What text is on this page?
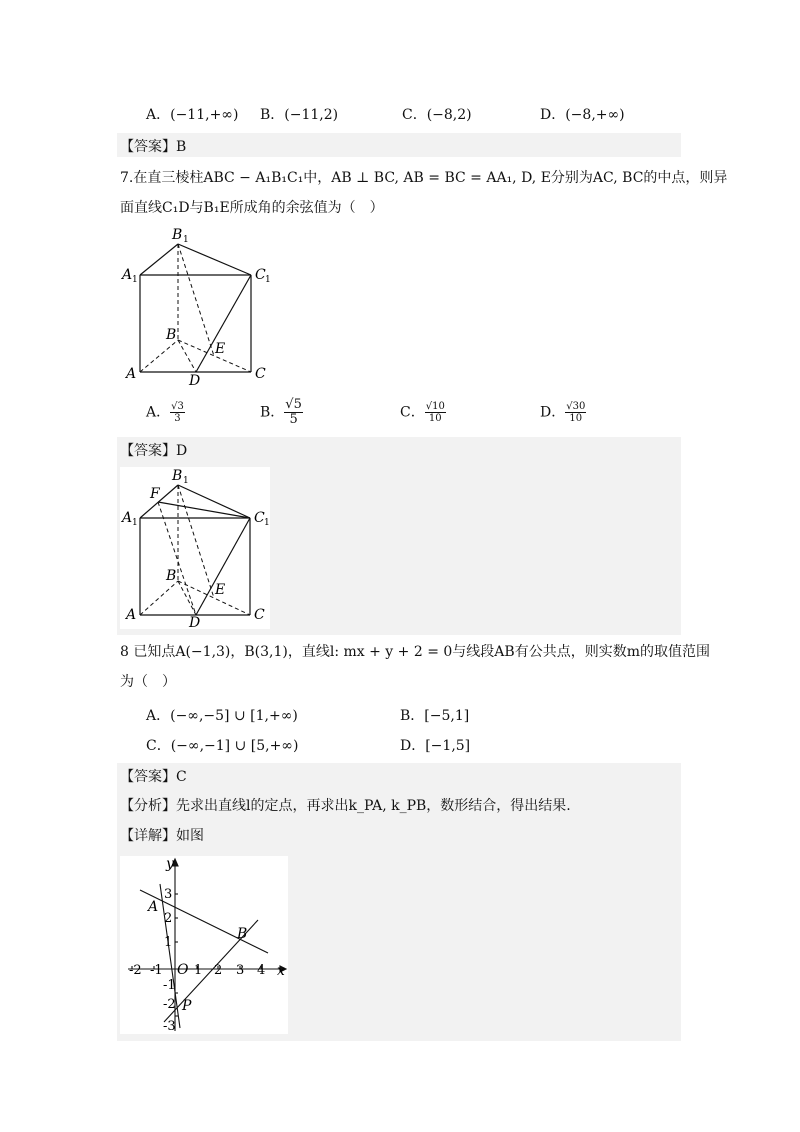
A．(−11,+∞) B．(−11,2)	C．(−8,2)	D．(−8,+∞)
【答案】B
7.在直三棱柱ABC − A₁B₁C₁中，AB ⊥ BC, AB = BC = AA₁, D, E分别为AC, BC的中点，则异
面直线C₁D与B₁E所成角的余弦值为（　）
B 1
A 1	C 1
B
E
A	D	C
A． $\frac{√3}{3}$	B． $\frac{√5}{5}$	C． $\frac{√10}{10}$	D． $\frac{√30}{10}$
【答案】D
F
B 1
A 1	C 1
B
E
A	D	C
8 已知点A(−1,3)，B(3,1)，直线l: mx + y + 2 = 0与线段AB有公共点，则实数m的取值范围
为（　）
A．(−∞,−5] ∪ [1,+∞)	B．[−5,1]
C．(−∞,−1] ∪ [5,+∞)	D．[−1,5]
【答案】C
【分析】先求出直线l的定点，再求出k_PA, k_PB，数形结合，得出结果.
【详解】如图
-2 -1 1 2 3 4
3
2
1
-1
-2
-3
y
x
O
A
B
P
